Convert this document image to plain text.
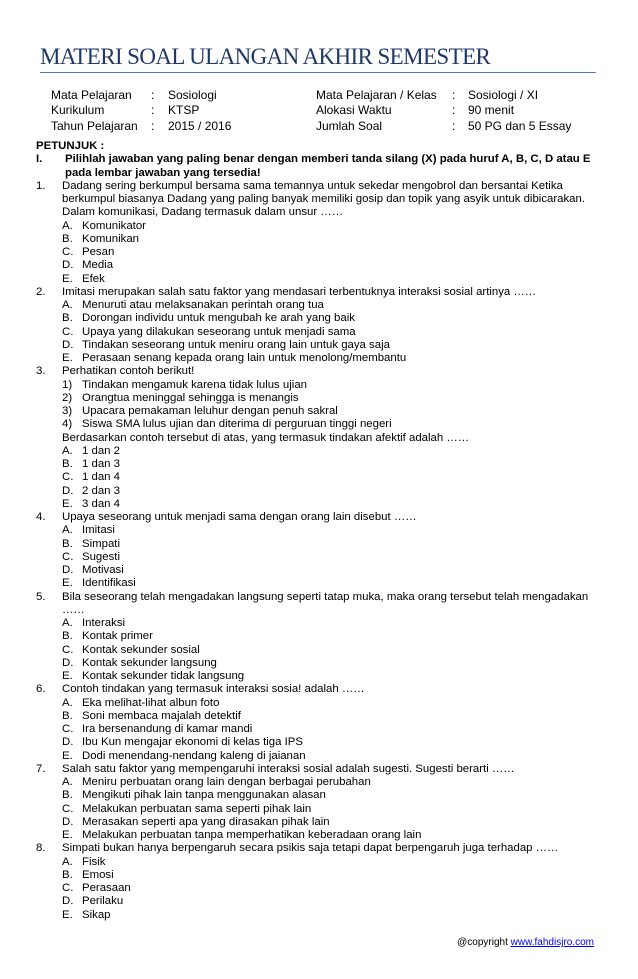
MATERI SOAL ULANGAN AKHIR SEMESTER
Mata Pelajaran
Kurikulum
Tahun Pelajaran
:
:
:
Sosiologi
KTSP
2015 / 2016
Mata Pelajaran / Kelas
Alokasi Waktu
Jumlah Soal
:
:
:
Sosiologi / XI
90 menit
50 PG dan 5 Essay
PETUNJUK :
I. Pilihlah jawaban yang paling benar dengan memberi tanda silang (X) pada huruf A, B, C, D atau E pada lembar jawaban yang tersedia!
1. Dadang sering berkumpul bersama sama temannya untuk sekedar mengobrol dan bersantai Ketika berkumpul biasanya Dadang yang paling banyak memiliki gosip dan topik yang asyik untuk dibicarakan. Dalam komunikasi, Dadang termasuk dalam unsur ……
A. Komunikator
B. Komunikan
C. Pesan
D. Media
E. Efek
2. Imitasi merupakan salah satu faktor yang mendasari terbentuknya interaksi sosial artinya ……
A. Menuruti atau melaksanakan perintah orang tua
B. Dorongan individu untuk mengubah ke arah yang baik
C. Upaya yang dilakukan seseorang untuk menjadi sama
D. Tindakan seseorang untuk meniru orang lain untuk gaya saja
E. Perasaan senang kepada orang lain untuk menolong/membantu
3. Perhatikan contoh berikut!
1) Tindakan mengamuk karena tidak lulus ujian
2) Orangtua meninggal sehingga is menangis
3) Upacara pemakaman leluhur dengan penuh sakral
4) Siswa SMA lulus ujian dan diterima di perguruan tinggi negeri
Berdasarkan contoh tersebut di atas, yang termasuk tindakan afektif adalah ……
A. 1 dan 2
B. 1 dan 3
C. 1 dan 4
D. 2 dan 3
E. 3 dan 4
4. Upaya seseorang untuk menjadi sama dengan orang lain disebut ……
A. Imitasi
B. Simpati
C. Sugesti
D. Motivasi
E. Identifikasi
5. Bila seseorang telah mengadakan langsung seperti tatap muka, maka orang tersebut telah mengadakan ……
A. Interaksi
B. Kontak primer
C. Kontak sekunder sosial
D. Kontak sekunder langsung
E. Kontak sekunder tidak langsung
6. Contoh tindakan yang termasuk interaksi sosia! adalah ……
A. Eka melihat-lihat albun foto
B. Soni membaca majalah detektif
C. Ira bersenandung di kamar mandi
D. Ibu Kun mengajar ekonomi di kelas tiga IPS
E. Dodi menendang-nendang kaleng di jaianan
7. Salah satu faktor yang mempengaruhi interaksi sosial adalah sugesti. Sugesti berarti ……
A. Meniru perbuatan orang lain dengan berbagai perubahan
B. Mengikuti pihak lain tanpa menggunakan alasan
C. Melakukan perbuatan sama seperti pihak lain
D. Merasakan seperti apa yang dirasakan pihak lain
E. Melakukan perbuatan tanpa memperhatikan keberadaan orang lain
8. Simpati bukan hanya berpengaruh secara psikis saja tetapi dapat berpengaruh juga terhadap ……
A. Fisik
B. Emosi
C. Perasaan
D. Perilaku
E. Sikap
@copyright www.fahdisjro.com
